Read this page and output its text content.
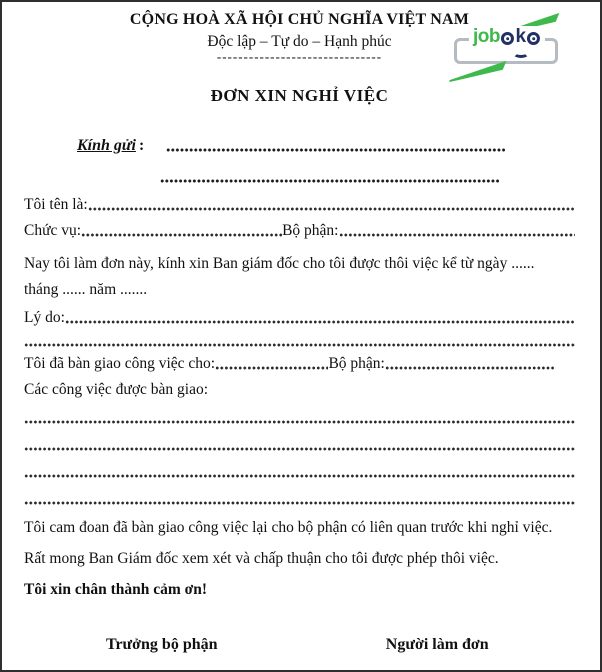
CỘNG HOÀ XÃ HỘI CHỦ NGHĨA VIỆT NAM
Độc lập – Tự do – Hạnh phúc
-------------------------------
job k
ĐƠN XIN NGHỈ VIỆC
Kính gửi :
Tôi tên là:
Chức vụ:	Bộ phận:
Nay tôi làm đơn này, kính xin Ban giám đốc cho tôi được thôi việc kể từ ngày ......
tháng ...... năm .......
Lý do:
Tôi đã bàn giao công việc cho:	Bộ phận:
Các công việc được bàn giao:
Tôi cam đoan đã bàn giao công việc lại cho bộ phận có liên quan trước khi nghỉ việc.
Rất mong Ban Giám đốc xem xét và chấp thuận cho tôi được phép thôi việc.
Tôi xin chân thành cảm ơn!
Trưởng bộ phận	Người làm đơn
